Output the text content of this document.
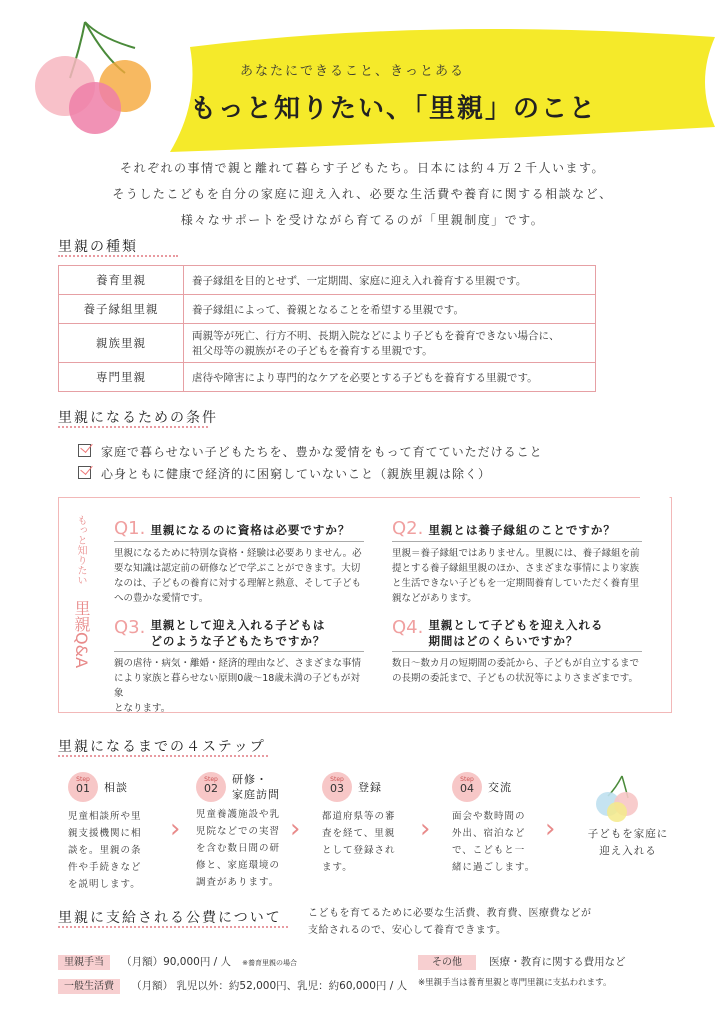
あなたにできること、きっとある
もっと知りたい、「里親」のこと
それぞれの事情で親と離れて暮らす子どもたち。日本には約４万２千人います。
そうしたこどもを自分の家庭に迎え入れ、必要な生活費や養育に関する相談など、
様々なサポートを受けながら育てるのが「里親制度」です。
里親の種類
養育里親	養子縁組を目的とせず、一定期間、家庭に迎え入れ養育する里親です。
養子縁組里親	養子縁組によって、養親となることを希望する里親です。
親族里親	両親等が死亡、行方不明、長期入院などにより子どもを養育できない場合に、
祖父母等の親族がその子どもを養育する里親です。

専門里親	虐待や障害により専門的なケアを必要とする子どもを養育する里親です。
里親になるための条件
家庭で暮らせない子どもたちを、豊かな愛情をもって育てていただけること
心身ともに健康で経済的に困窮していないこと（親族里親は除く）
もっと知りたい
里親Q&A
Q1. 里親になるのに資格は必要ですか？
里親になるために特別な資格・経験は必要ありません。必
要な知識は認定前の研修などで学ぶことができます。大切
なのは、子どもの養育に対する理解と熱意、そして子ども
への豊かな愛情です。
Q2. 里親とは養子縁組のことですか？
里親＝養子縁組ではありません。里親には、養子縁組を前
提とする養子縁組里親のほか、さまざまな事情により家族
と生活できない子どもを一定期間養育していただく養育里
親などがあります。
Q3. 里親として迎え入れる子どもは
どのような子どもたちですか？
親の虐待・病気・離婚・経済的理由など、さまざまな事情
により家族と暮らせない原則0歳〜18歳未満の子どもが対象
となります。
Q4. 里親として子どもを迎え入れる
期間はどのくらいですか？
数日〜数カ月の短期間の委託から、子どもが自立するまで
の長期の委託まで、子どもの状況等によりさまざまです。
里親になるまでの４ステップ
Step
01	相談
児童相談所や里
親支援機関に相
談を。里親の条
件や手続きなど
を説明します。
›
Step
02
研修・
家庭訪問
児童養護施設や乳
児院などでの実習
を含む数日間の研
修と、家庭環境の
調査があります。
›
Step
03	登録
都道府県等の審
査を経て、里親
として登録され
ます。
›
Step
04	交流
面会や数時間の
外出、宿泊など
で、こどもと一
緒に過ごします。
›	子どもを家庭に
迎え入れる
里親に支給される公費について	こどもを育てるために必要な生活費、教育費、医療費などが
支給されるので、安心して養育できます。
里親手当 （月額）90,000円 / 人 ※養育里親の場合
一般生活費 （月額） 乳児以外：約52,000円、乳児：約60,000円 / 人
その他	医療・教育に関する費用など
※里親手当は養育里親と専門里親に支払われます。
